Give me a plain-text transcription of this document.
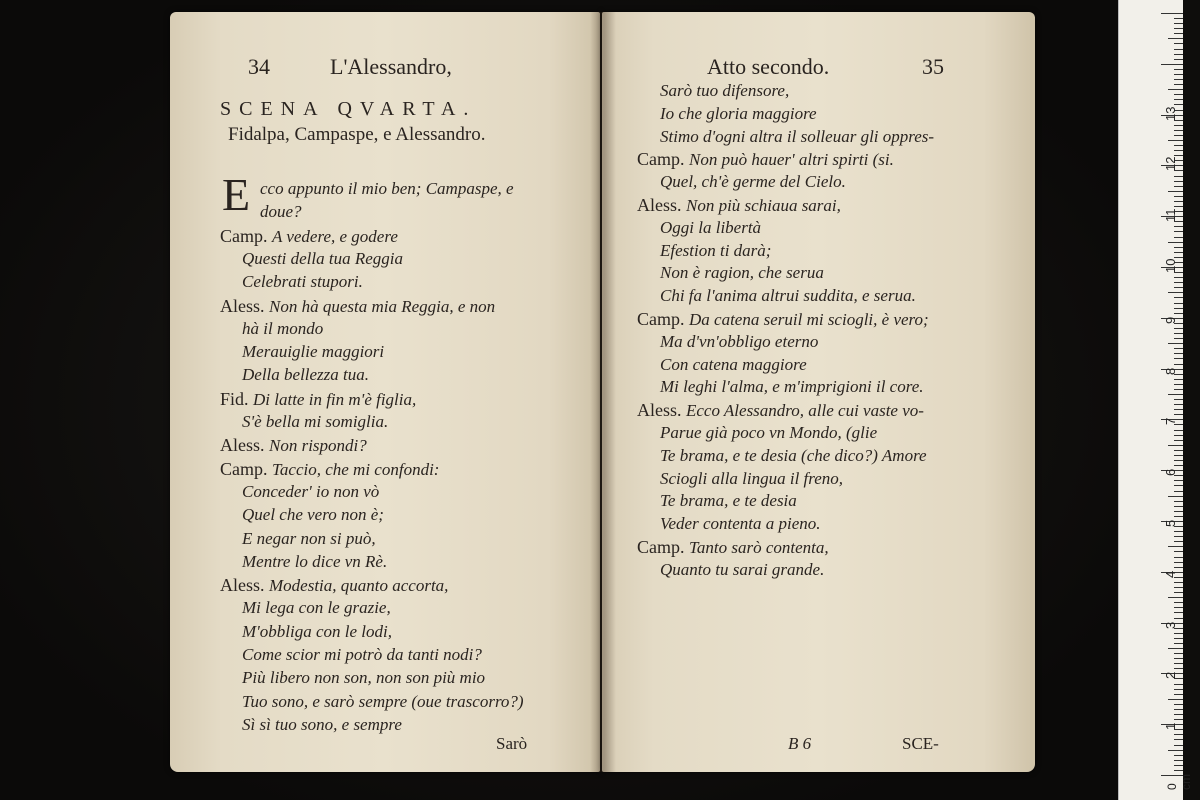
34	L'Alessandro,
SCENA QVARTA.
Fidalpa, Campaspe, e Alessandro.
E cco appunto il mio ben; Campaspe, e
doue?
Camp. A vedere, e godere
Questi della tua Reggia
Celebrati stupori.
Aless. Non hà questa mia Reggia, e non
hà il mondo
Merauiglie maggiori
Della bellezza tua.
Fid. Di latte in fin m'è figlia,
S'è bella mi somiglia.
Aless. Non rispondi?
Camp. Taccio, che mi confondi:
Conceder' io non vò
Quel che vero non è;
E negar non si può,
Mentre lo dice vn Rè.
Aless. Modestia, quanto accorta,
Mi lega con le grazie,
M'obbliga con le lodi,
Come scior mi potrò da tanti nodi?
Più libero non son, non son più mio
Tuo sono, e sarò sempre (oue trascorro?)
Sì sì tuo sono, e sempre
Sarò
Atto secondo.	35
Sarò tuo difensore,
Io che gloria maggiore
Stimo d'ogni altra il solleuar gli oppres-
Camp. Non può hauer' altri spirti (si.
Quel, ch'è germe del Cielo.
Aless. Non più schiaua sarai,
Oggi la libertà
Efestion ti darà;
Non è ragion, che serua
Chi fa l'anima altrui suddita, e serua.
Camp. Da catena seruil mi sciogli, è vero;
Ma d'vn'obbligo eterno
Con catena maggiore
Mi leghi l'alma, e m'imprigioni il core.
Aless. Ecco Alessandro, alle cui vaste vo-
Parue già poco vn Mondo, (glie
Te brama, e te desia (che dico?) Amore
Sciogli alla lingua il freno,
Te brama, e te desia
Veder contenta a pieno.
Camp. Tanto sarò contenta,
Quanto tu sarai grande.
B 6	SCE-
1
2
3
4
5
6
7
8
9
10
11
12
13
0 cm
